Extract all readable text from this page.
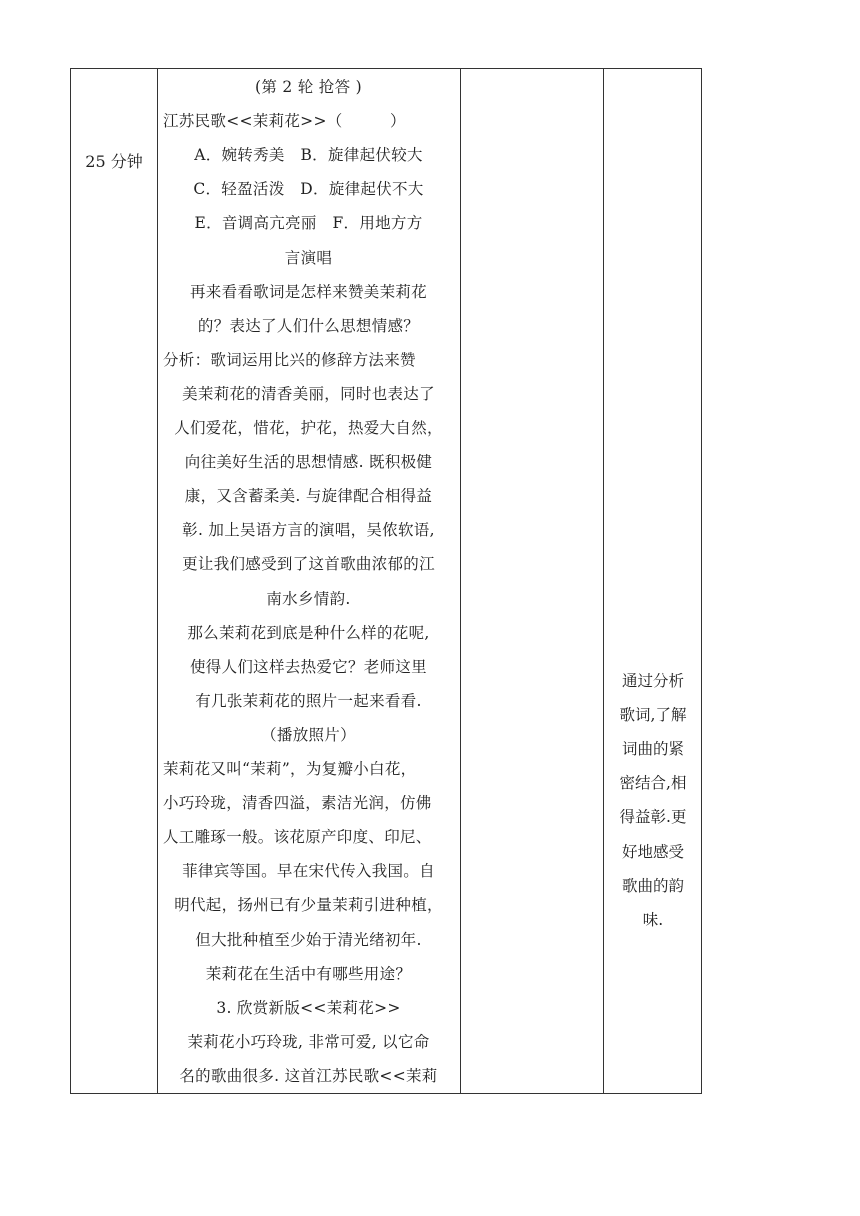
25 分钟
(第 2 轮 抢答 )
江苏民歌<<茉莉花>>（　　　）
A．婉转秀美　B．旋律起伏较大
C．轻盈活泼　D．旋律起伏不大
E．音调高亢亮丽　F．用地方方
言演唱
再来看看歌词是怎样来赞美茉莉花
的？表达了人们什么思想情感？
分析：歌词运用比兴的修辞方法来赞
美茉莉花的清香美丽，同时也表达了
人们爱花，惜花，护花，热爱大自然，
向往美好生活的思想情感. 既积极健
康，又含蓄柔美. 与旋律配合相得益
彰. 加上吴语方言的演唱，吴侬软语,
更让我们感受到了这首歌曲浓郁的江
南水乡情韵.
那么茉莉花到底是种什么样的花呢,
使得人们这样去热爱它？老师这里
有几张茉莉花的照片一起来看看.
（播放照片）
茉莉花又叫“茉莉”，为复瓣小白花，
小巧玲珑，清香四溢，素洁光润，仿佛
人工雕琢一般。该花原产印度、印尼、
菲律宾等国。早在宋代传入我国。自
明代起，扬州已有少量茉莉引进种植，
但大批种植至少始于清光绪初年.
茉莉花在生活中有哪些用途？
3. 欣赏新版<<茉莉花>>
茉莉花小巧玲珑, 非常可爱, 以它命
名的歌曲很多. 这首江苏民歌<<茉莉
通过分析
歌词,了解
词曲的紧
密结合,相
得益彰.更
好地感受
歌曲的韵
味.
